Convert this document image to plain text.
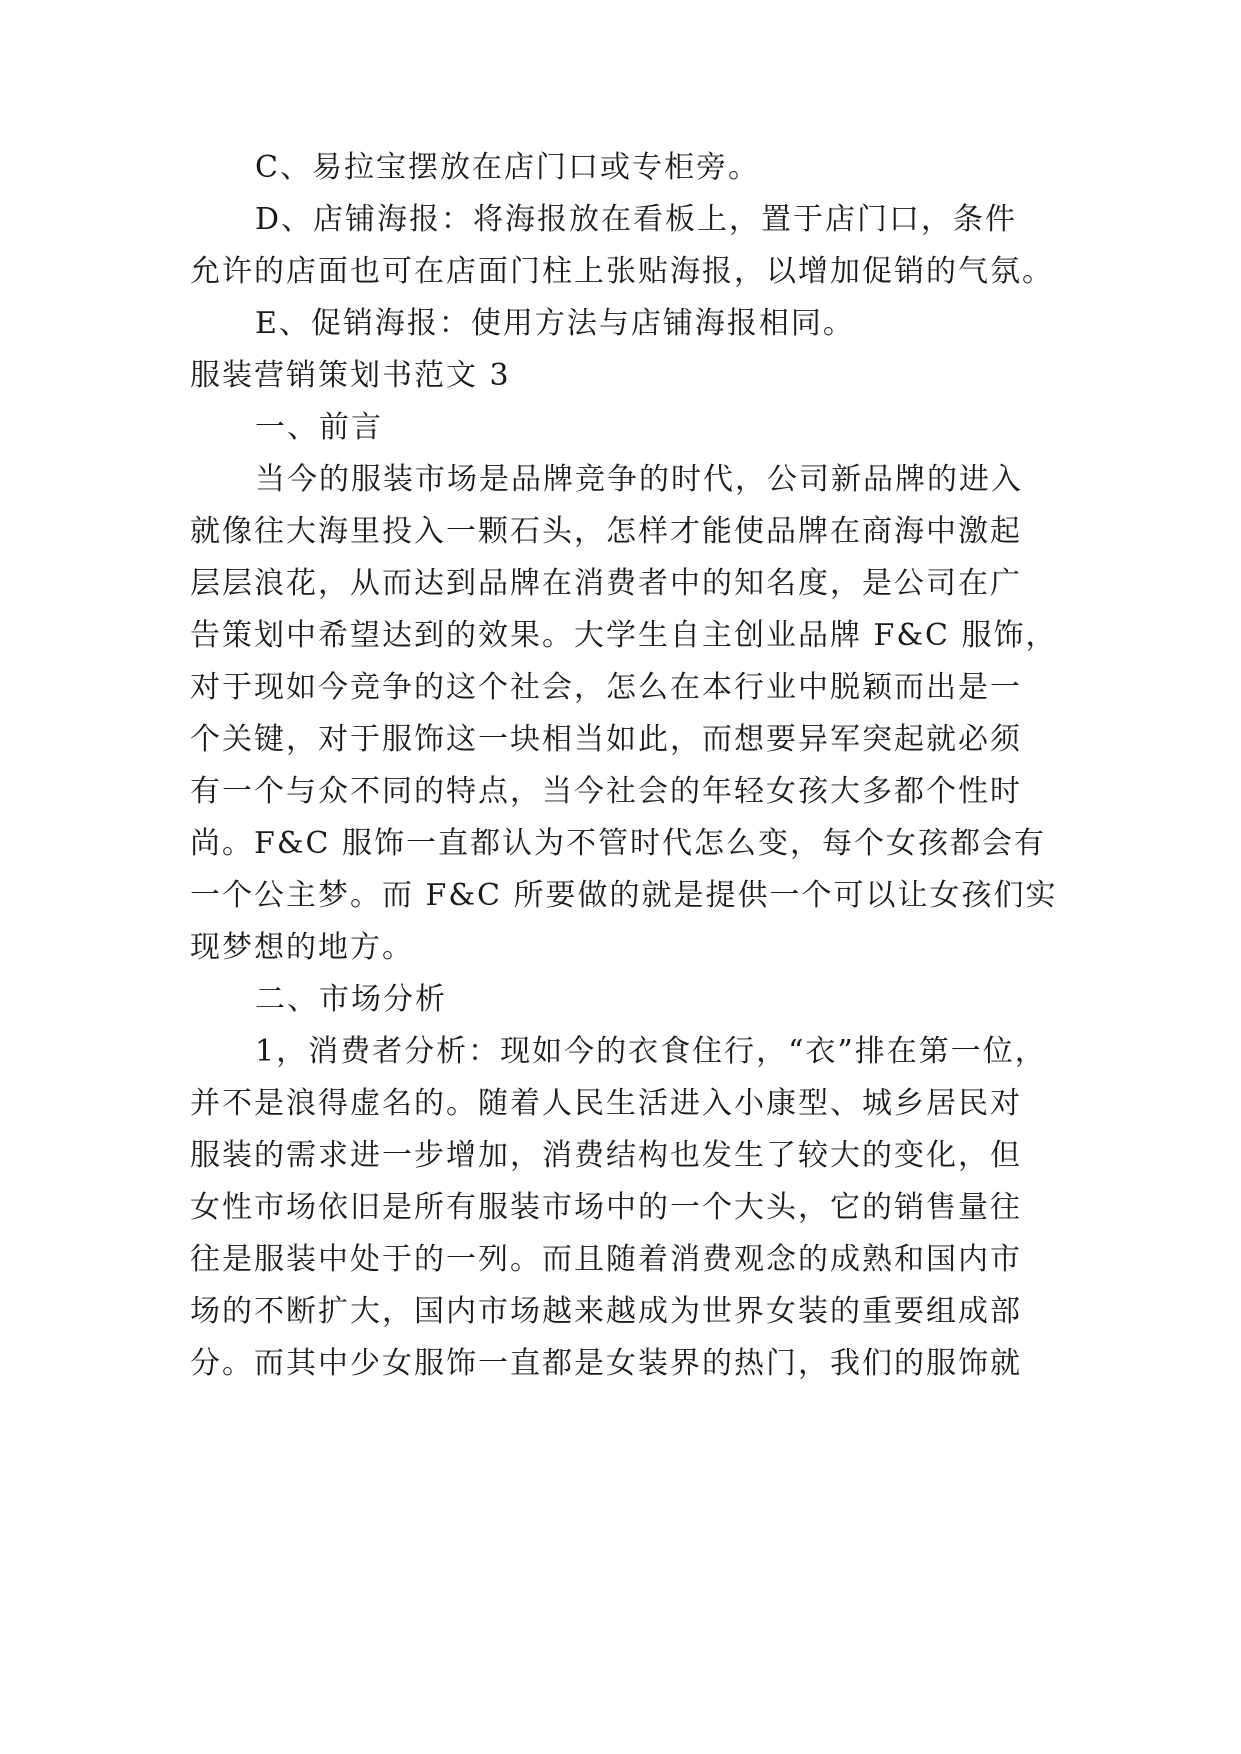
C、易拉宝摆放在店门口或专柜旁。
D、店铺海报：将海报放在看板上，置于店门口，条件
允许的店面也可在店面门柱上张贴海报，以增加促销的气氛。
E、促销海报：使用方法与店铺海报相同。
服装营销策划书范文 3
一、前言
当今的服装市场是品牌竞争的时代，公司新品牌的进入
就像往大海里投入一颗石头，怎样才能使品牌在商海中激起
层层浪花，从而达到品牌在消费者中的知名度，是公司在广
告策划中希望达到的效果。大学生自主创业品牌 F&C 服饰，
对于现如今竞争的这个社会，怎么在本行业中脱颖而出是一
个关键，对于服饰这一块相当如此，而想要异军突起就必须
有一个与众不同的特点，当今社会的年轻女孩大多都个性时
尚。F&C 服饰一直都认为不管时代怎么变，每个女孩都会有
一个公主梦。而 F&C 所要做的就是提供一个可以让女孩们实
现梦想的地方。
二、市场分析
1，消费者分析：现如今的衣食住行，“衣”排在第一位，
并不是浪得虚名的。随着人民生活进入小康型、城乡居民对
服装的需求进一步增加，消费结构也发生了较大的变化，但
女性市场依旧是所有服装市场中的一个大头，它的销售量往
往是服装中处于的一列。而且随着消费观念的成熟和国内市
场的不断扩大，国内市场越来越成为世界女装的重要组成部
分。而其中少女服饰一直都是女装界的热门，我们的服饰就
